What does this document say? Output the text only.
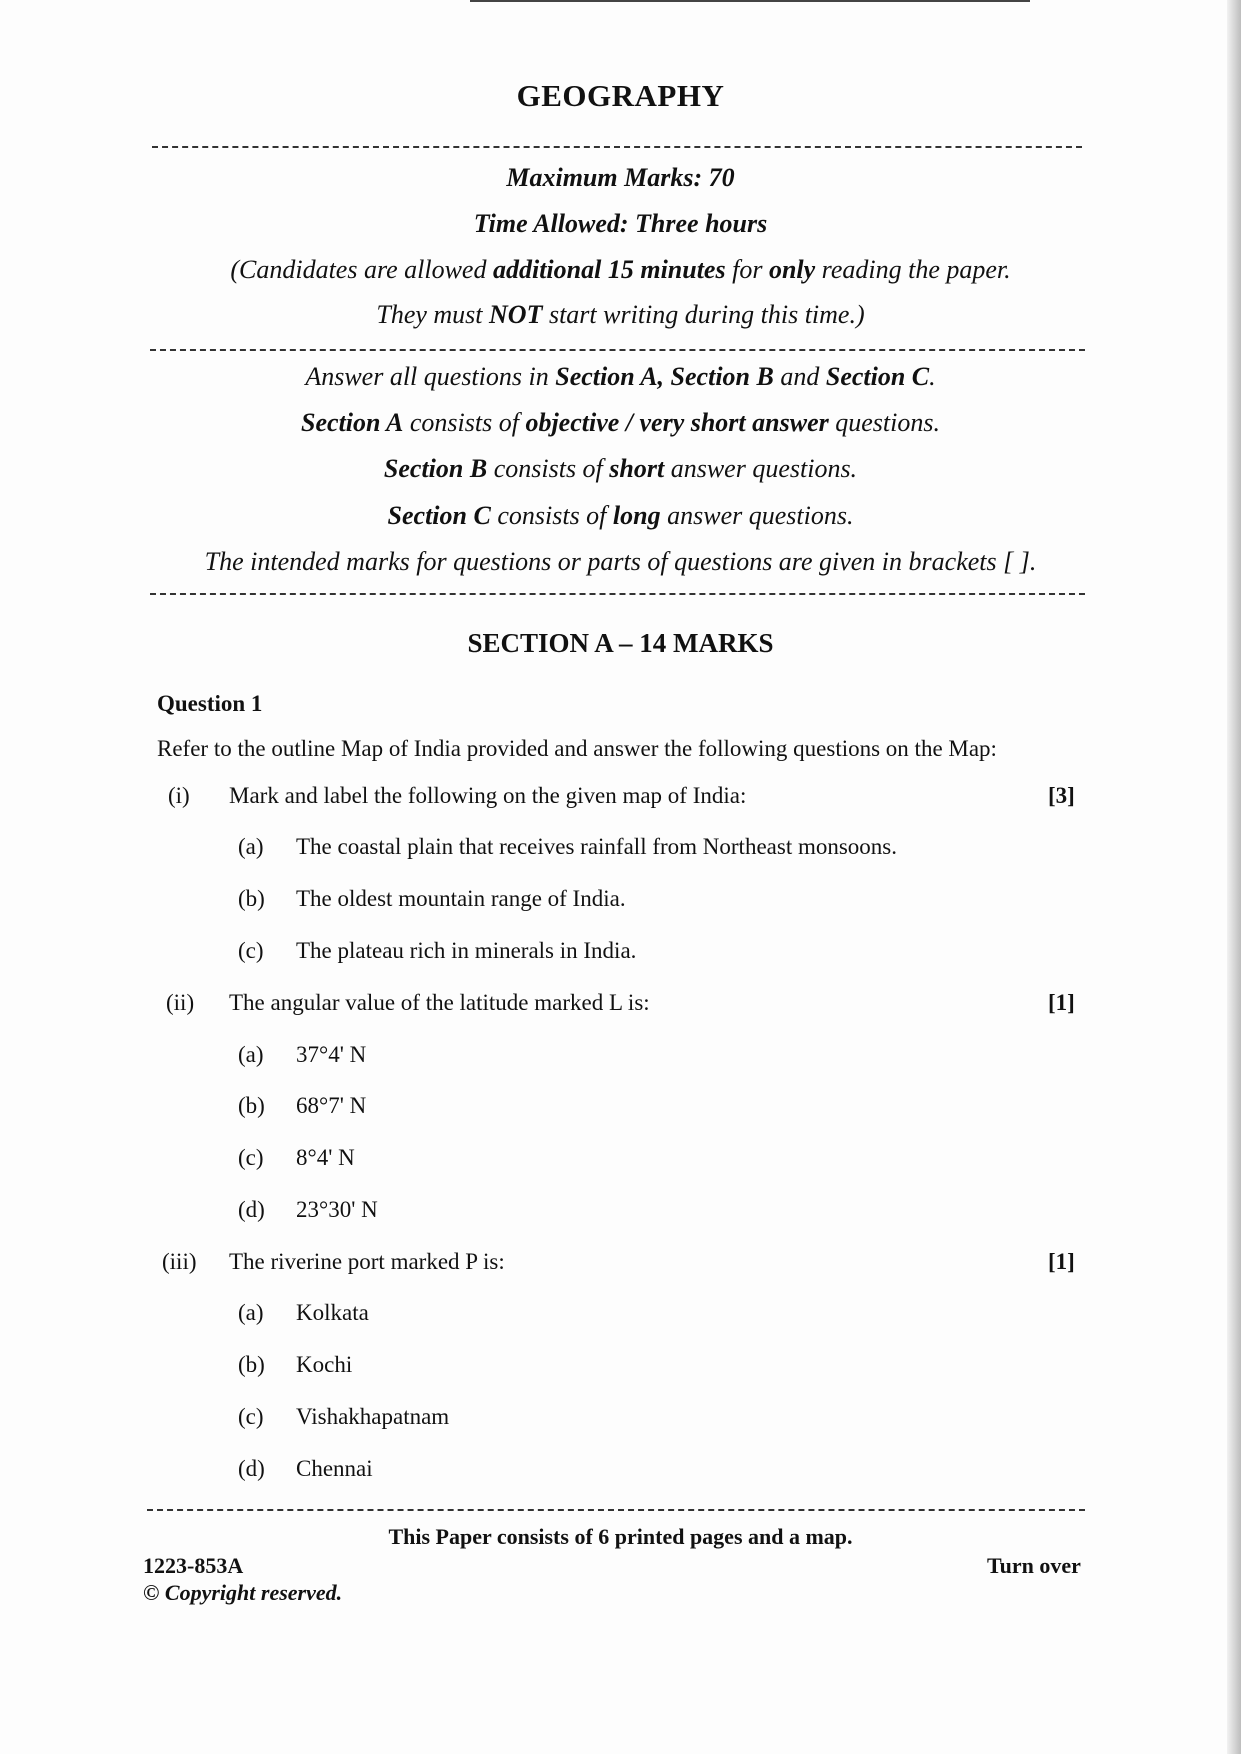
GEOGRAPHY
Maximum Marks: 70
Time Allowed: Three hours
(Candidates are allowed additional 15 minutes for only reading the paper.
They must NOT start writing during this time.)
Answer all questions in Section A, Section B and Section C.
Section A consists of objective / very short answer questions.
Section B consists of short answer questions.
Section C consists of long answer questions.
The intended marks for questions or parts of questions are given in brackets [ ].
SECTION A – 14 MARKS
Question 1
Refer to the outline Map of India provided and answer the following questions on the Map:
(i) Mark and label the following on the given map of India:	[3]
(a) The coastal plain that receives rainfall from Northeast monsoons.
(b) The oldest mountain range of India.
(c) The plateau rich in minerals in India.
(ii) The angular value of the latitude marked L is:	[1]
(a) 37°4' N
(b) 68°7' N
(c) 8°4' N
(d) 23°30' N
(iii) The riverine port marked P is:	[1]
(a) Kolkata
(b) Kochi
(c) Vishakhapatnam
(d) Chennai
This Paper consists of 6 printed pages and a map.
1223-853A	Turn over
© Copyright reserved.
